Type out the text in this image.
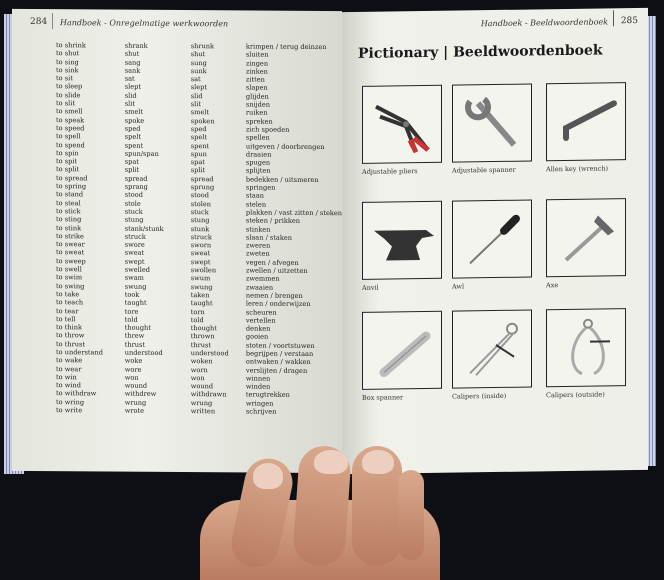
284 Handboek - Onregelmatige werkwoorden
to shrink	shrank	shrunk	krimpen / terug deinzen
to shut	shut	shut	sluiten
to sing	sang	sung	zingen
to sink	sank	sunk	zinken
to sit	sat	sat	zitten
to sleep	slept	slept	slapen
to slide	slid	slid	glijden
to slit	slit	slit	snijden
to smell	smelt	smelt	ruiken
to speak	spoke	spoken	spreken
to speed	sped	sped	zich spoeden
to spell	spelt	spelt	spellen
to spend	spent	spent	uitgeven / doorbrengen
to spin	spun/span	spun	draaien
to spit	spat	spat	spugen
to split	split	split	splijten
to spread	spread	spread	bedekken / uitsmeren
to spring	sprang	sprung	springen
to stand	stood	stood	staan
to steal	stole	stolen	stelen
to stick	stuck	stuck	plakken / vast zitten / steken
to sting	stung	stung	steken / prikken
to stink	stank/stunk	stunk	stinken
to strike	struck	struck	slaan / staken
to swear	swore	sworn	zweren
to sweat	sweat	sweat	zweten
to sweep	swept	swept	vegen / afvegen
to swell	swelled	swollen	zwellen / uitzetten
to swim	swam	swum	zwemmen
to swing	swung	swung	zwaaien
to take	took	taken	nemen / brengen
to teach	taught	taught	leren / onderwijzen
to tear	tore	torn	scheuren
to tell	told	told	vertellen
to think	thought	thought	denken
to throw	threw	thrown	gooien
to thrust	thrust	thrust	stoten / voortstuwen
to understand	understood	understood	begrijpen / verstaan
to wake	woke	woken	ontwaken / wakken
to wear	wore	worn	verslijten / dragen
to win	won	won	winnen
to wind	wound	wound	winden
to withdraw	withdrew	withdrawn	terugtrekken
to wring	wrung	wrung	wringen
to write	wrote	written	schrijven
Handboek - Beeldwoordenboek 285
Pictionary | Beeldwoordenboek
Adjustable pliers	Adjustable spanner	Allen key (wrench)
Anvil	Awl	Axe
Box spanner	Calipers (inside)	Calipers (outside)
